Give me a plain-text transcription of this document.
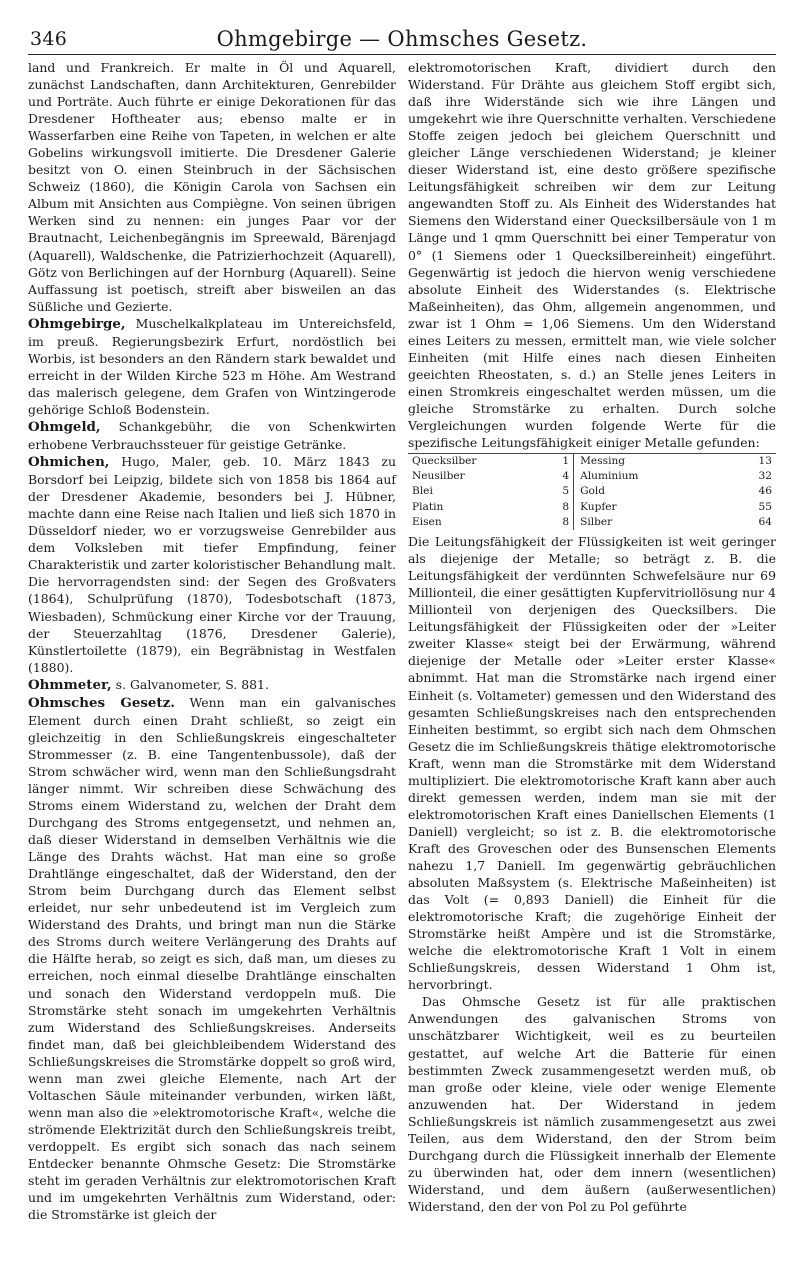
346	Ohmgebirge — Ohmsches Gesetz.

land und Frankreich. Er malte in Öl und Aquarell, zunächst Landschaften, dann Architekturen, Genrebilder und Porträte. Auch führte er einige Dekorationen für das Dresdener Hoftheater aus; ebenso malte er in Wasserfarben eine Reihe von Tapeten, in welchen er alte Gobelins wirkungsvoll imitierte. Die Dresdener Galerie besitzt von O. einen Steinbruch in der Sächsischen Schweiz (1860), die Königin Carola von Sachsen ein Album mit Ansichten aus Compiègne. Von seinen übrigen Werken sind zu nennen: ein junges Paar vor der Brautnacht, Leichenbegängnis im Spreewald, Bärenjagd (Aquarell), Waldschenke, die Patrizierhochzeit (Aquarell), Götz von Berlichingen auf der Hornburg (Aquarell). Seine Auffassung ist poetisch, streift aber bisweilen an das Süßliche und Gezierte.

Ohmgebirge, Muschelkalkplateau im Untereichsfeld, im preuß. Regierungsbezirk Erfurt, nordöstlich bei Worbis, ist besonders an den Rändern stark bewaldet und erreicht in der Wilden Kirche 523 m Höhe. Am Westrand das malerisch gelegene, dem Grafen von Wintzingerode gehörige Schloß Bodenstein.

Ohmgeld, Schankgebühr, die von Schenkwirten erhobene Verbrauchssteuer für geistige Getränke.

Ohmichen, Hugo, Maler, geb. 10. März 1843 zu Borsdorf bei Leipzig, bildete sich von 1858 bis 1864 auf der Dresdener Akademie, besonders bei J. Hübner, machte dann eine Reise nach Italien und ließ sich 1870 in Düsseldorf nieder, wo er vorzugsweise Genrebilder aus dem Volksleben mit tiefer Empfindung, feiner Charakteristik und zarter koloristischer Behandlung malt. Die hervorragendsten sind: der Segen des Großvaters (1864), Schulprüfung (1870), Todesbotschaft (1873, Wiesbaden), Schmückung einer Kirche vor der Trauung, der Steuerzahltag (1876, Dresdener Galerie), Künstlertoilette (1879), ein Begräbnistag in Westfalen (1880).

Ohmmeter, s. Galvanometer, S. 881.

Ohmsches Gesetz. Wenn man ein galvanisches Element durch einen Draht schließt, so zeigt ein gleichzeitig in den Schließungskreis eingeschalteter Strommesser (z. B. eine Tangentenbussole), daß der Strom schwächer wird, wenn man den Schließungsdraht länger nimmt. Wir schreiben diese Schwächung des Stroms einem Widerstand zu, welchen der Draht dem Durchgang des Stroms entgegensetzt, und nehmen an, daß dieser Widerstand in demselben Verhältnis wie die Länge des Drahts wächst. Hat man eine so große Drahtlänge eingeschaltet, daß der Widerstand, den der Strom beim Durchgang durch das Element selbst erleidet, nur sehr unbedeutend ist im Vergleich zum Widerstand des Drahts, und bringt man nun die Stärke des Stroms durch weitere Verlängerung des Drahts auf die Hälfte herab, so zeigt es sich, daß man, um dieses zu erreichen, noch einmal dieselbe Drahtlänge einschalten und sonach den Widerstand verdoppeln muß. Die Stromstärke steht sonach im umgekehrten Verhältnis zum Widerstand des Schließungskreises. Anderseits findet man, daß bei gleichbleibendem Widerstand des Schließungskreises die Stromstärke doppelt so groß wird, wenn man zwei gleiche Elemente, nach Art der Voltaschen Säule miteinander verbunden, wirken läßt, wenn man also die »elektromotorische Kraft«, welche die strömende Elektrizität durch den Schließungskreis treibt, verdoppelt. Es ergibt sich sonach das nach seinem Entdecker benannte Ohmsche Gesetz: Die Stromstärke steht im geraden Verhältnis zur elektromotorischen Kraft und im umgekehrten Verhältnis zum Widerstand, oder: die Stromstärke ist gleich der

elektromotorischen Kraft, dividiert durch den Widerstand. Für Drähte aus gleichem Stoff ergibt sich, daß ihre Widerstände sich wie ihre Längen und umgekehrt wie ihre Querschnitte verhalten. Verschiedene Stoffe zeigen jedoch bei gleichem Querschnitt und gleicher Länge verschiedenen Widerstand; je kleiner dieser Widerstand ist, eine desto größere spezifische Leitungsfähigkeit schreiben wir dem zur Leitung angewandten Stoff zu. Als Einheit des Widerstandes hat Siemens den Widerstand einer Quecksilbersäule von 1 m Länge und 1 qmm Querschnitt bei einer Temperatur von 0° (1 Siemens oder 1 Quecksilbereinheit) eingeführt. Gegenwärtig ist jedoch die hiervon wenig verschiedene absolute Einheit des Widerstandes (s. Elektrische Maßeinheiten), das Ohm, allgemein angenommen, und zwar ist 1 Ohm = 1,06 Siemens. Um den Widerstand eines Leiters zu messen, ermittelt man, wie viele solcher Einheiten (mit Hilfe eines nach diesen Einheiten geeichten Rheostaten, s. d.) an Stelle jenes Leiters in einen Stromkreis eingeschaltet werden müssen, um die gleiche Stromstärke zu erhalten. Durch solche Vergleichungen wurden folgende Werte für die spezifische Leitungsfähigkeit einiger Metalle gefunden:

Quecksilber	1	Messing	13
Neusilber	4	Aluminium	32
Blei	5	Gold	46
Platin	8	Kupfer	55
Eisen	8	Silber	64

Die Leitungsfähigkeit der Flüssigkeiten ist weit geringer als diejenige der Metalle; so beträgt z. B. die Leitungsfähigkeit der verdünnten Schwefelsäure nur 69 Millionteil, die einer gesättigten Kupfervitriollösung nur 4 Millionteil von derjenigen des Quecksilbers. Die Leitungsfähigkeit der Flüssigkeiten oder der »Leiter zweiter Klasse« steigt bei der Erwärmung, während diejenige der Metalle oder »Leiter erster Klasse« abnimmt. Hat man die Stromstärke nach irgend einer Einheit (s. Voltameter) gemessen und den Widerstand des gesamten Schließungskreises nach den entsprechenden Einheiten bestimmt, so ergibt sich nach dem Ohmschen Gesetz die im Schließungskreis thätige elektromotorische Kraft, wenn man die Stromstärke mit dem Widerstand multipliziert. Die elektromotorische Kraft kann aber auch direkt gemessen werden, indem man sie mit der elektromotorischen Kraft eines Daniellschen Elements (1 Daniell) vergleicht; so ist z. B. die elektromotorische Kraft des Groveschen oder des Bunsenschen Elements nahezu 1,7 Daniell. Im gegenwärtig gebräuchlichen absoluten Maßsystem (s. Elektrische Maßeinheiten) ist das Volt (= 0,893 Daniell) die Einheit für die elektromotorische Kraft; die zugehörige Einheit der Stromstärke heißt Ampère und ist die Stromstärke, welche die elektromotorische Kraft 1 Volt in einem Schließungskreis, dessen Widerstand 1 Ohm ist, hervorbringt.

Das Ohmsche Gesetz ist für alle praktischen Anwendungen des galvanischen Stroms von unschätzbarer Wichtigkeit, weil es zu beurteilen gestattet, auf welche Art die Batterie für einen bestimmten Zweck zusammengesetzt werden muß, ob man große oder kleine, viele oder wenige Elemente anzuwenden hat. Der Widerstand in jedem Schließungskreis ist nämlich zusammengesetzt aus zwei Teilen, aus dem Widerstand, den der Strom beim Durchgang durch die Flüssigkeit innerhalb der Elemente zu überwinden hat, oder dem innern (wesentlichen) Widerstand, und dem äußern (außerwesentlichen) Widerstand, den der von Pol zu Pol geführte
